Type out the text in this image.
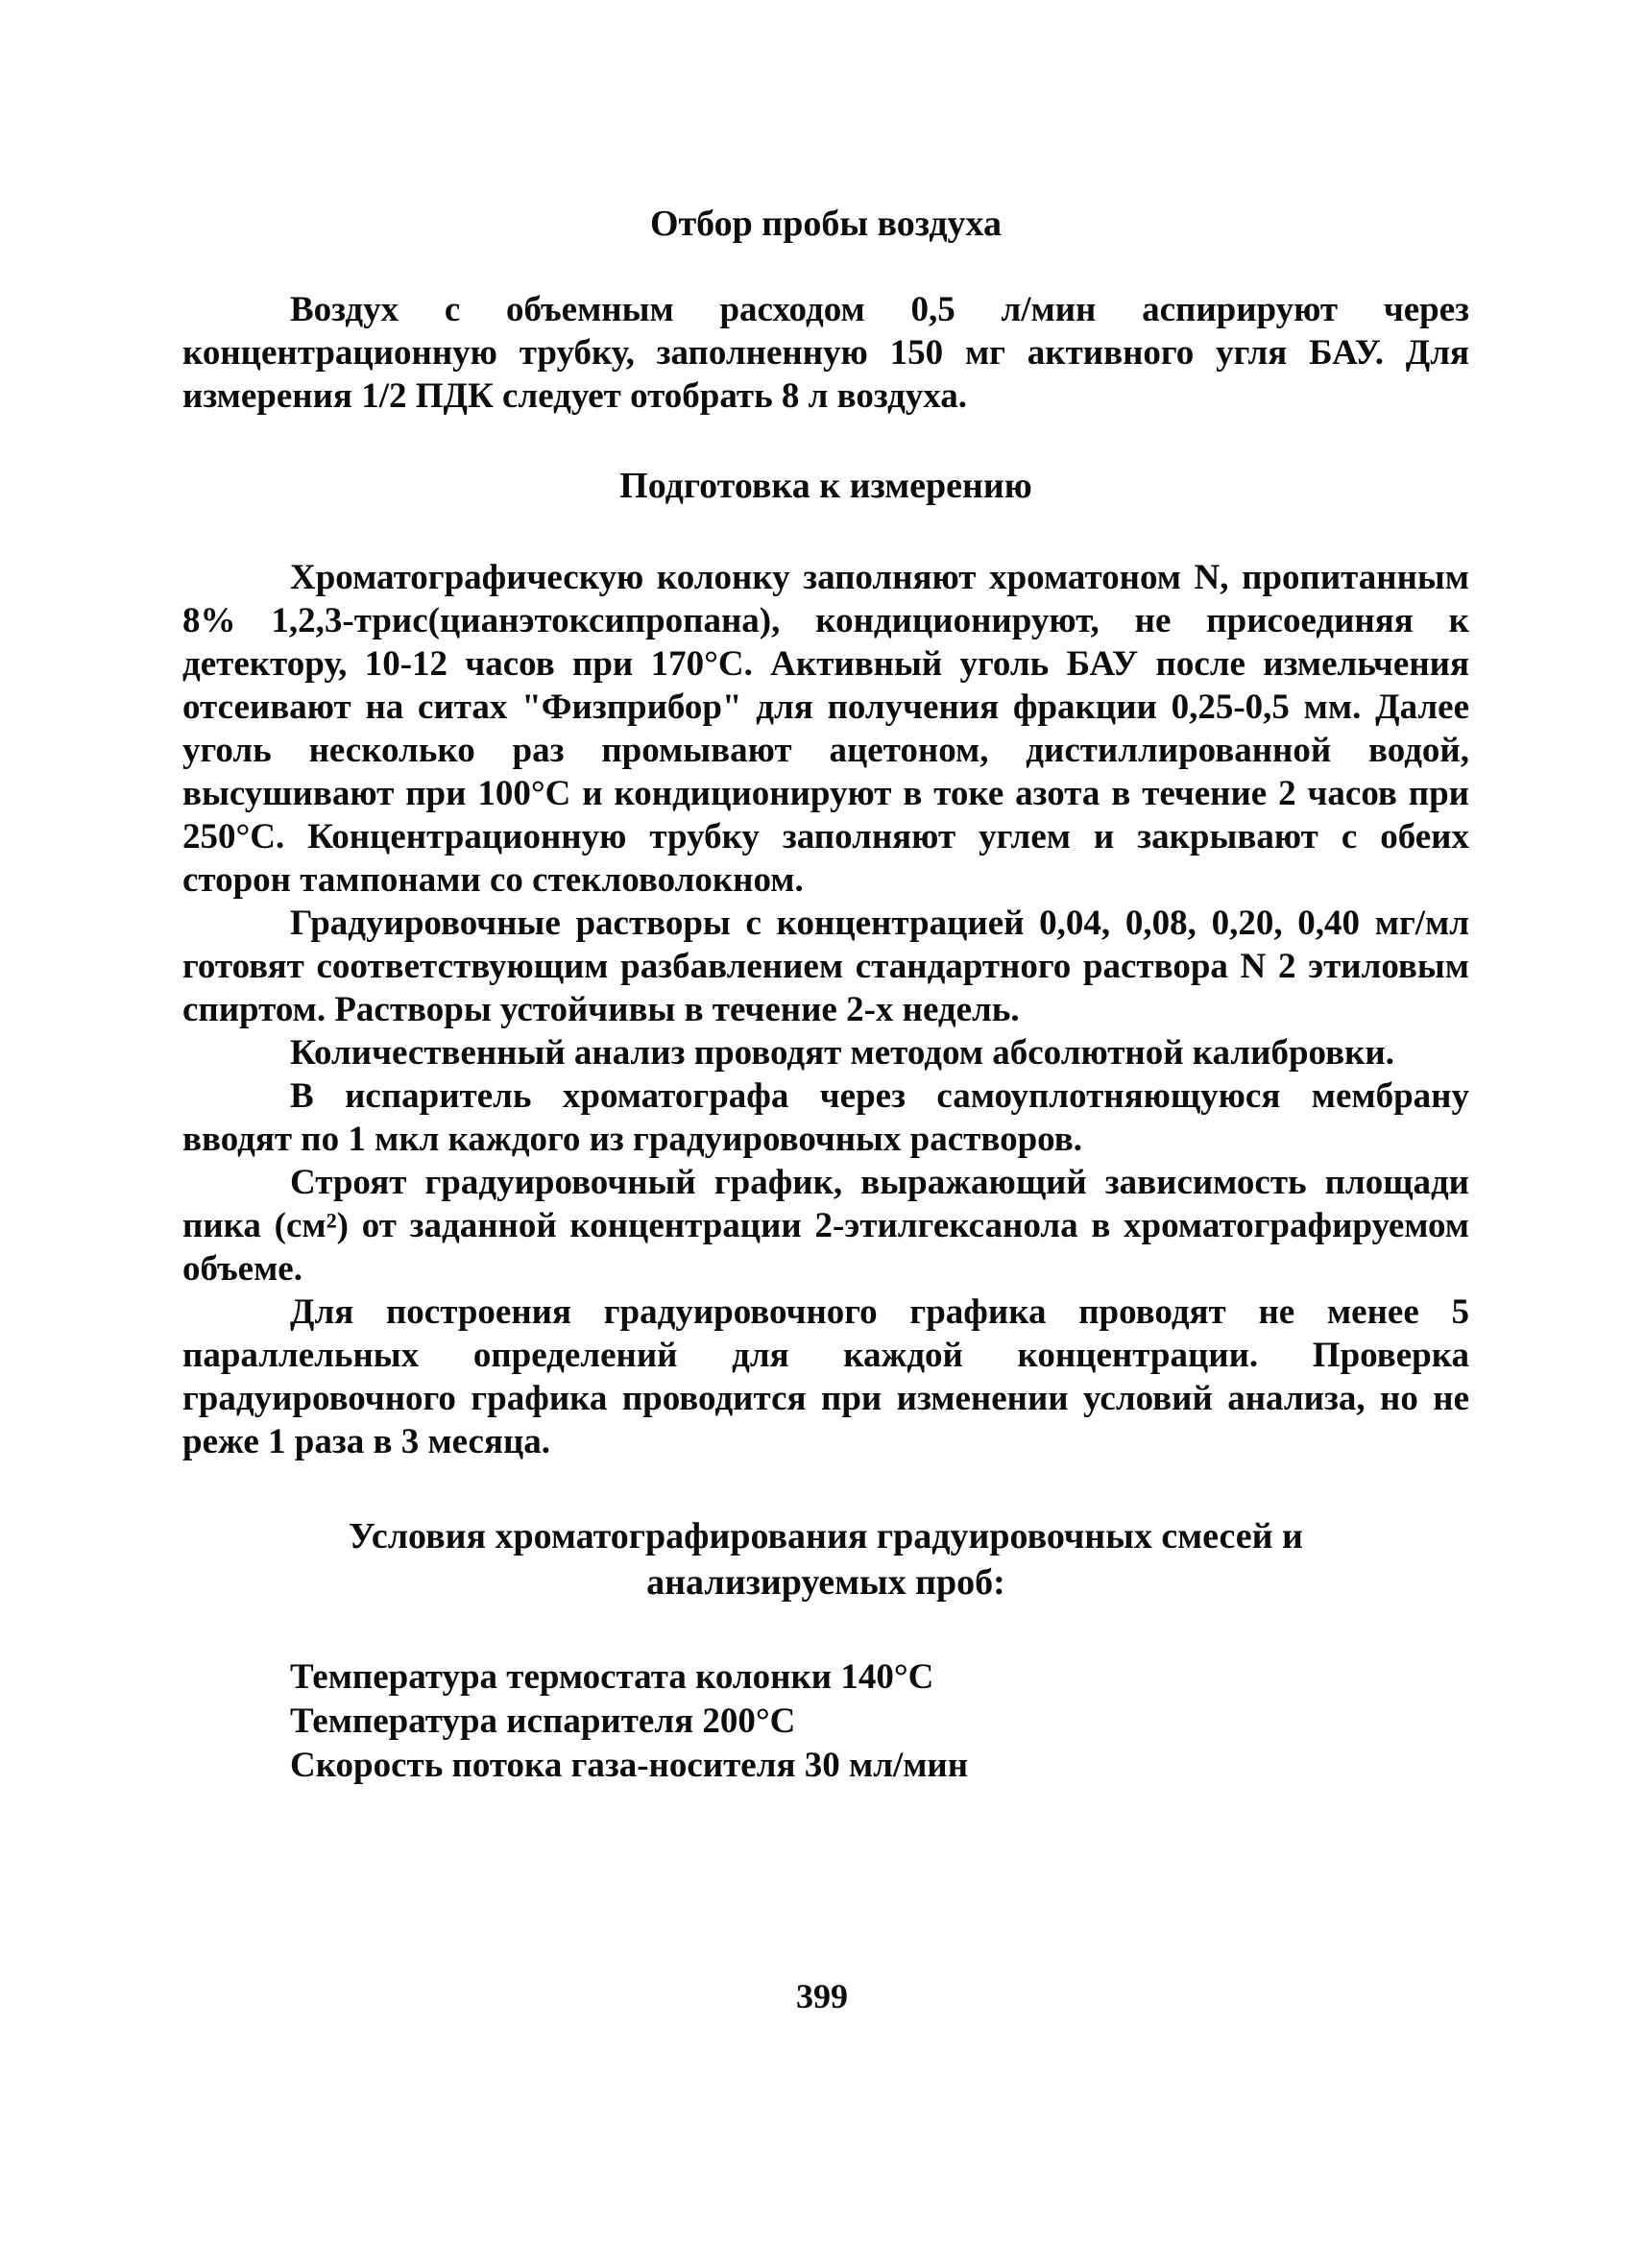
Отбор пробы воздуха

Воздух с объемным расходом 0,5 л/мин аспирируют через концентрационную трубку, заполненную 150 мг активного угля БАУ. Для измерения 1/2 ПДК следует отобрать 8 л воздуха.

Подготовка к измерению

Хроматографическую колонку заполняют хроматоном N, пропитанным 8% 1,2,3-трис(цианэтоксипропана), кондиционируют, не присоединяя к детектору, 10-12 часов при 170°С. Активный уголь БАУ после измельчения отсеивают на ситах "Физприбор" для получения фракции 0,25-0,5 мм. Далее уголь несколько раз промывают ацетоном, дистиллированной водой, высушивают при 100°С и кондиционируют в токе азота в течение 2 часов при 250°С. Концентрационную трубку заполняют углем и закрывают с обеих сторон тампонами со стекловолокном.

Градуировочные растворы с концентрацией 0,04, 0,08, 0,20, 0,40 мг/мл готовят соответствующим разбавлением стандартного раствора N 2 этиловым спиртом. Растворы устойчивы в течение 2-х недель.

Количественный анализ проводят методом абсолютной калибровки.

В испаритель хроматографа через самоуплотняющуюся мембрану вводят по 1 мкл каждого из градуировочных растворов.

Строят градуировочный график, выражающий зависимость площади пика (см²) от заданной концентрации 2-этилгексанола в хроматографируемом объеме.

Для построения градуировочного графика проводят не менее 5 параллельных определений для каждой концентрации. Проверка градуировочного графика проводится при изменении условий анализа, но не реже 1 раза в 3 месяца.

Условия хроматографирования градуировочных смесей и анализируемых проб:
Температура термостата колонки 140°С
Температура испарителя 200°С
Скорость потока газа-носителя 30 мл/мин
399
